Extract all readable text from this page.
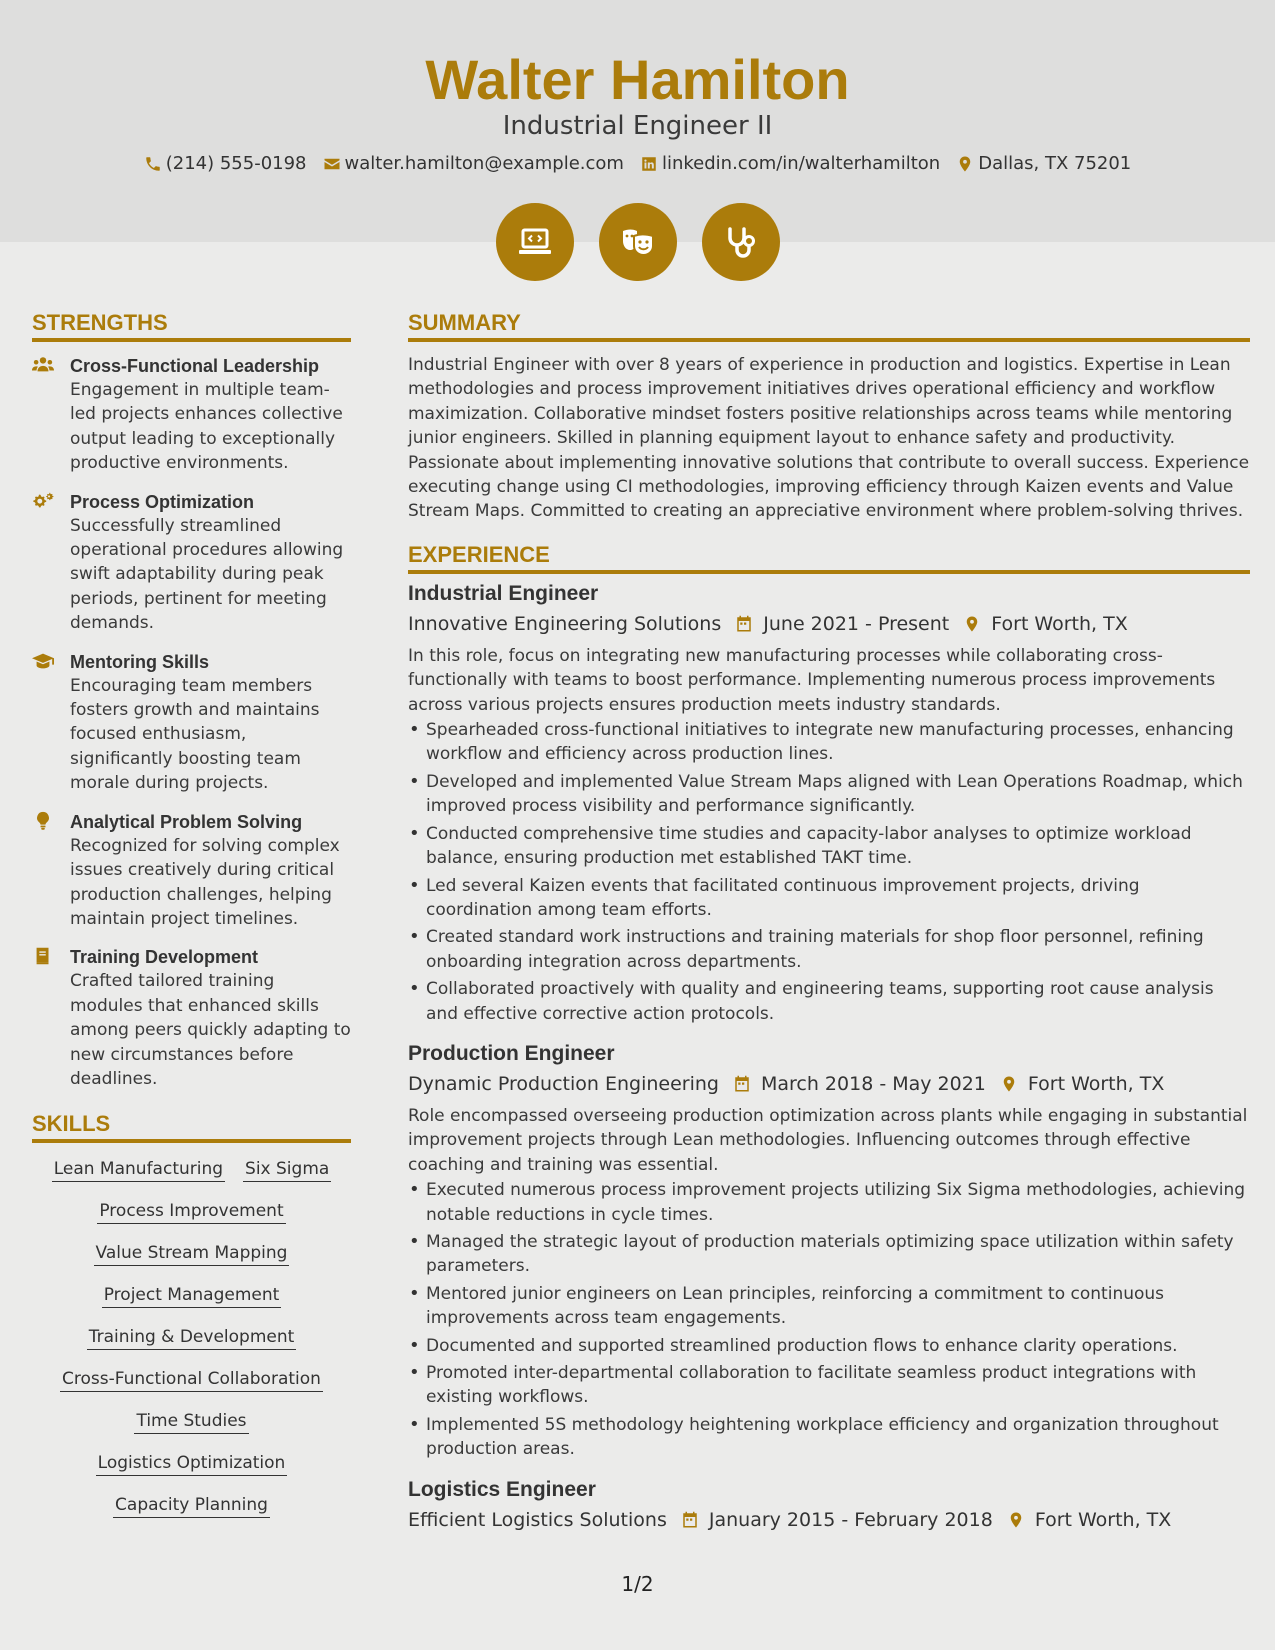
Walter Hamilton
Industrial Engineer II
(214) 555-0198 walter.hamilton@example.com linkedin.com/in/walterhamilton Dallas, TX 75201
STRENGTHS
Cross-Functional Leadership
Engagement in multiple team-led projects enhances collective output leading to exceptionally productive environments.
Process Optimization
Successfully streamlined operational procedures allowing swift adaptability during peak periods, pertinent for meeting demands.
Mentoring Skills
Encouraging team members fosters growth and maintains focused enthusiasm, significantly boosting team morale during projects.
Analytical Problem Solving
Recognized for solving complex issues creatively during critical production challenges, helping maintain project timelines.
Training Development
Crafted tailored training modules that enhanced skills among peers quickly adapting to new circumstances before deadlines.
SKILLS
Lean Manufacturing Six Sigma
Process Improvement
Value Stream Mapping
Project Management
Training & Development
Cross-Functional Collaboration
Time Studies
Logistics Optimization
Capacity Planning
SUMMARY

Industrial Engineer with over 8 years of experience in production and logistics. Expertise in Lean methodologies and process improvement initiatives drives operational efficiency and workflow maximization. Collaborative mindset fosters positive relationships across teams while mentoring junior engineers. Skilled in planning equipment layout to enhance safety and productivity. Passionate about implementing innovative solutions that contribute to overall success. Experience executing change using CI methodologies, improving efficiency through Kaizen events and Value Stream Maps. Committed to creating an appreciative environment where problem-solving thrives.

EXPERIENCE
Industrial Engineer
Innovative Engineering Solutions June 2021 - Present Fort Worth, TX
In this role, focus on integrating new manufacturing processes while collaborating cross-functionally with teams to boost performance. Implementing numerous process improvements across various projects ensures production meets industry standards.
• Spearheaded cross-functional initiatives to integrate new manufacturing processes, enhancing workflow and efficiency across production lines.
• Developed and implemented Value Stream Maps aligned with Lean Operations Roadmap, which improved process visibility and performance significantly.
• Conducted comprehensive time studies and capacity-labor analyses to optimize workload balance, ensuring production met established TAKT time.
• Led several Kaizen events that facilitated continuous improvement projects, driving coordination among team efforts.
• Created standard work instructions and training materials for shop floor personnel, refining onboarding integration across departments.
• Collaborated proactively with quality and engineering teams, supporting root cause analysis and effective corrective action protocols.
Production Engineer
Dynamic Production Engineering March 2018 - May 2021 Fort Worth, TX
Role encompassed overseeing production optimization across plants while engaging in substantial improvement projects through Lean methodologies. Influencing outcomes through effective coaching and training was essential.
• Executed numerous process improvement projects utilizing Six Sigma methodologies, achieving notable reductions in cycle times.
• Managed the strategic layout of production materials optimizing space utilization within safety parameters.
• Mentored junior engineers on Lean principles, reinforcing a commitment to continuous improvements across team engagements.
• Documented and supported streamlined production flows to enhance clarity operations.
• Promoted inter-departmental collaboration to facilitate seamless product integrations with existing workflows.
• Implemented 5S methodology heightening workplace efficiency and organization throughout production areas.
Logistics Engineer
Efficient Logistics Solutions January 2015 - February 2018 Fort Worth, TX
1/2
